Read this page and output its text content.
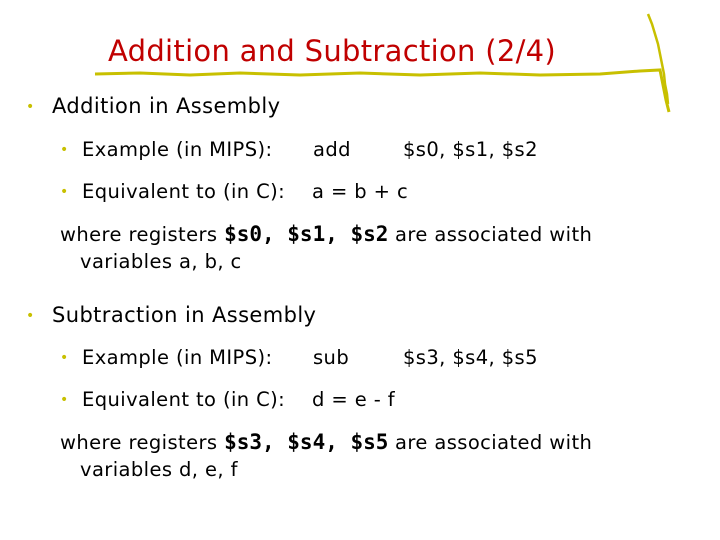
Addition and Subtraction (2/4)
• Addition in Assembly
• Example (in MIPS): add	$s0, $s1, $s2
• Equivalent to (in C): a = b + c
where registers $s0, $s1, $s2 are associated with
variables a, b, c
• Subtraction in Assembly
• Example (in MIPS): sub	$s3, $s4, $s5
• Equivalent to (in C): d = e - f
where registers $s3, $s4, $s5 are associated with
variables d, e, f
